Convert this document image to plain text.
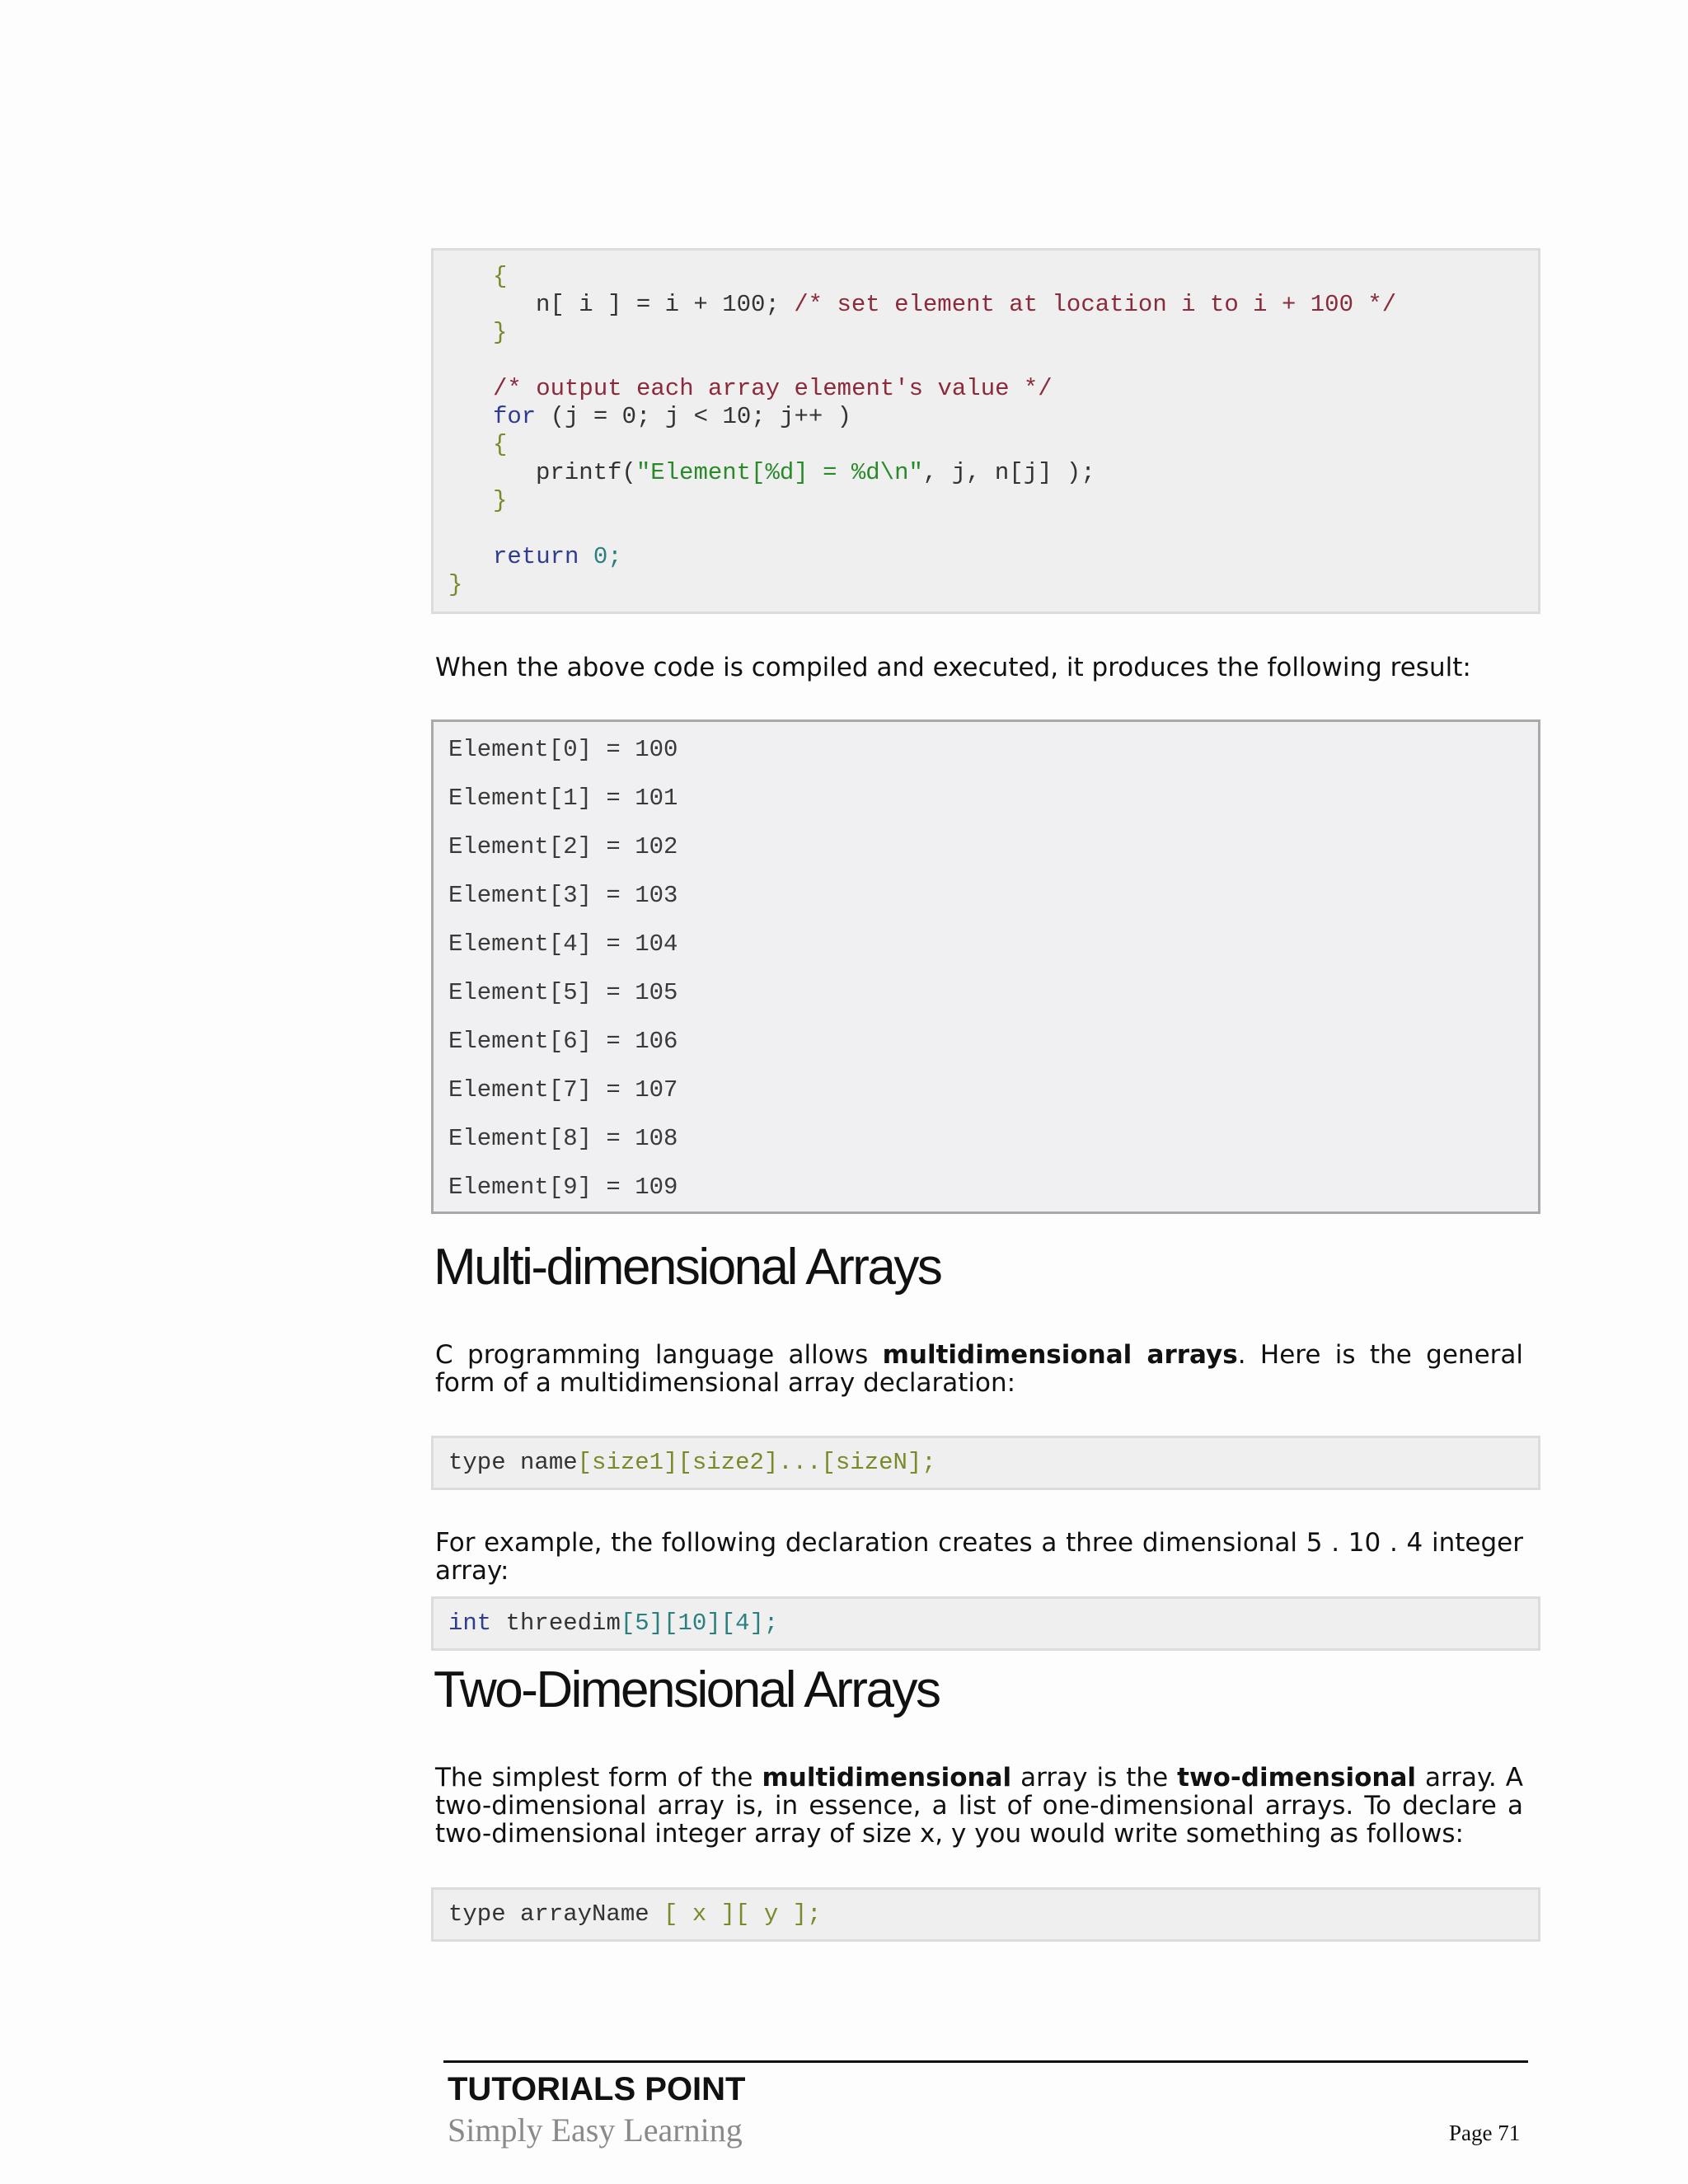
{

n[ i ] = i + 100; /* set element at location i to i + 100 */

}

/* output each array element's value */

for (j = 0; j < 10; j++ )

{

printf("Element[%d] = %d\n", j, n[j] );

}

return 0;

}

When the above code is compiled and executed, it produces the following result:

Element[0] = 100

Element[1] = 101

Element[2] = 102

Element[3] = 103

Element[4] = 104

Element[5] = 105

Element[6] = 106

Element[7] = 107

Element[8] = 108

Element[9] = 109

Multi-dimensional Arrays
C programming language allows multidimensional arrays. Here is the general form of a multidimensional array declaration:

type name[size1][size2]...[sizeN];

For example, the following declaration creates a three dimensional 5 . 10 . 4 integer array:

int threedim[5][10][4];

Two-Dimensional Arrays
The simplest form of the multidimensional array is the two-dimensional array. A two-dimensional array is, in essence, a list of one-dimensional arrays. To declare a two-dimensional integer array of size x, y you would write something as follows:

type arrayName [ x ][ y ];

TUTORIALS POINT
Simply Easy Learning	Page 71
